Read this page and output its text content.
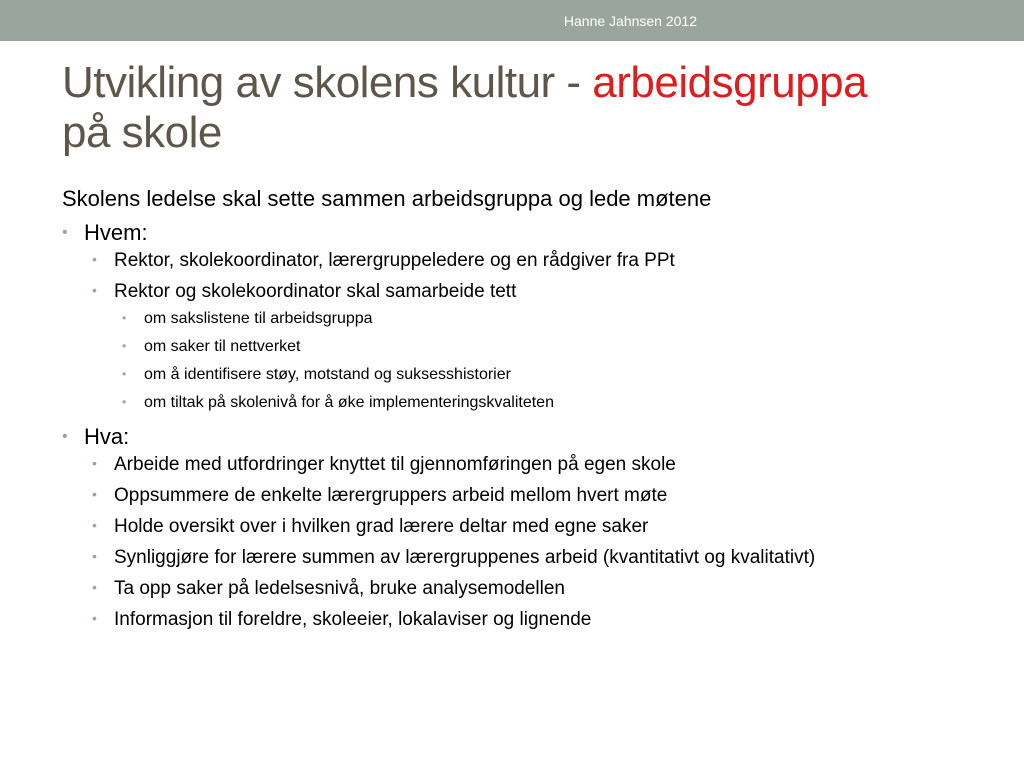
Hanne Jahnsen 2012
Utvikling av skolens kultur - arbeidsgruppa
på skole
Skolens ledelse skal sette sammen arbeidsgruppa og lede møtene
• Hvem:
• Rektor, skolekoordinator, lærergruppeledere og en rådgiver fra PPt
• Rektor og skolekoordinator skal samarbeide tett
• om sakslistene til arbeidsgruppa
• om saker til nettverket
• om å identifisere støy, motstand og suksesshistorier
• om tiltak på skolenivå for å øke implementeringskvaliteten
• Hva:
• Arbeide med utfordringer knyttet til gjennomføringen på egen skole
• Oppsummere de enkelte lærergruppers arbeid mellom hvert møte
• Holde oversikt over i hvilken grad lærere deltar med egne saker
• Synliggjøre for lærere summen av lærergruppenes arbeid (kvantitativt og kvalitativt)
• Ta opp saker på ledelsesnivå, bruke analysemodellen
• Informasjon til foreldre, skoleeier, lokalaviser og lignende
